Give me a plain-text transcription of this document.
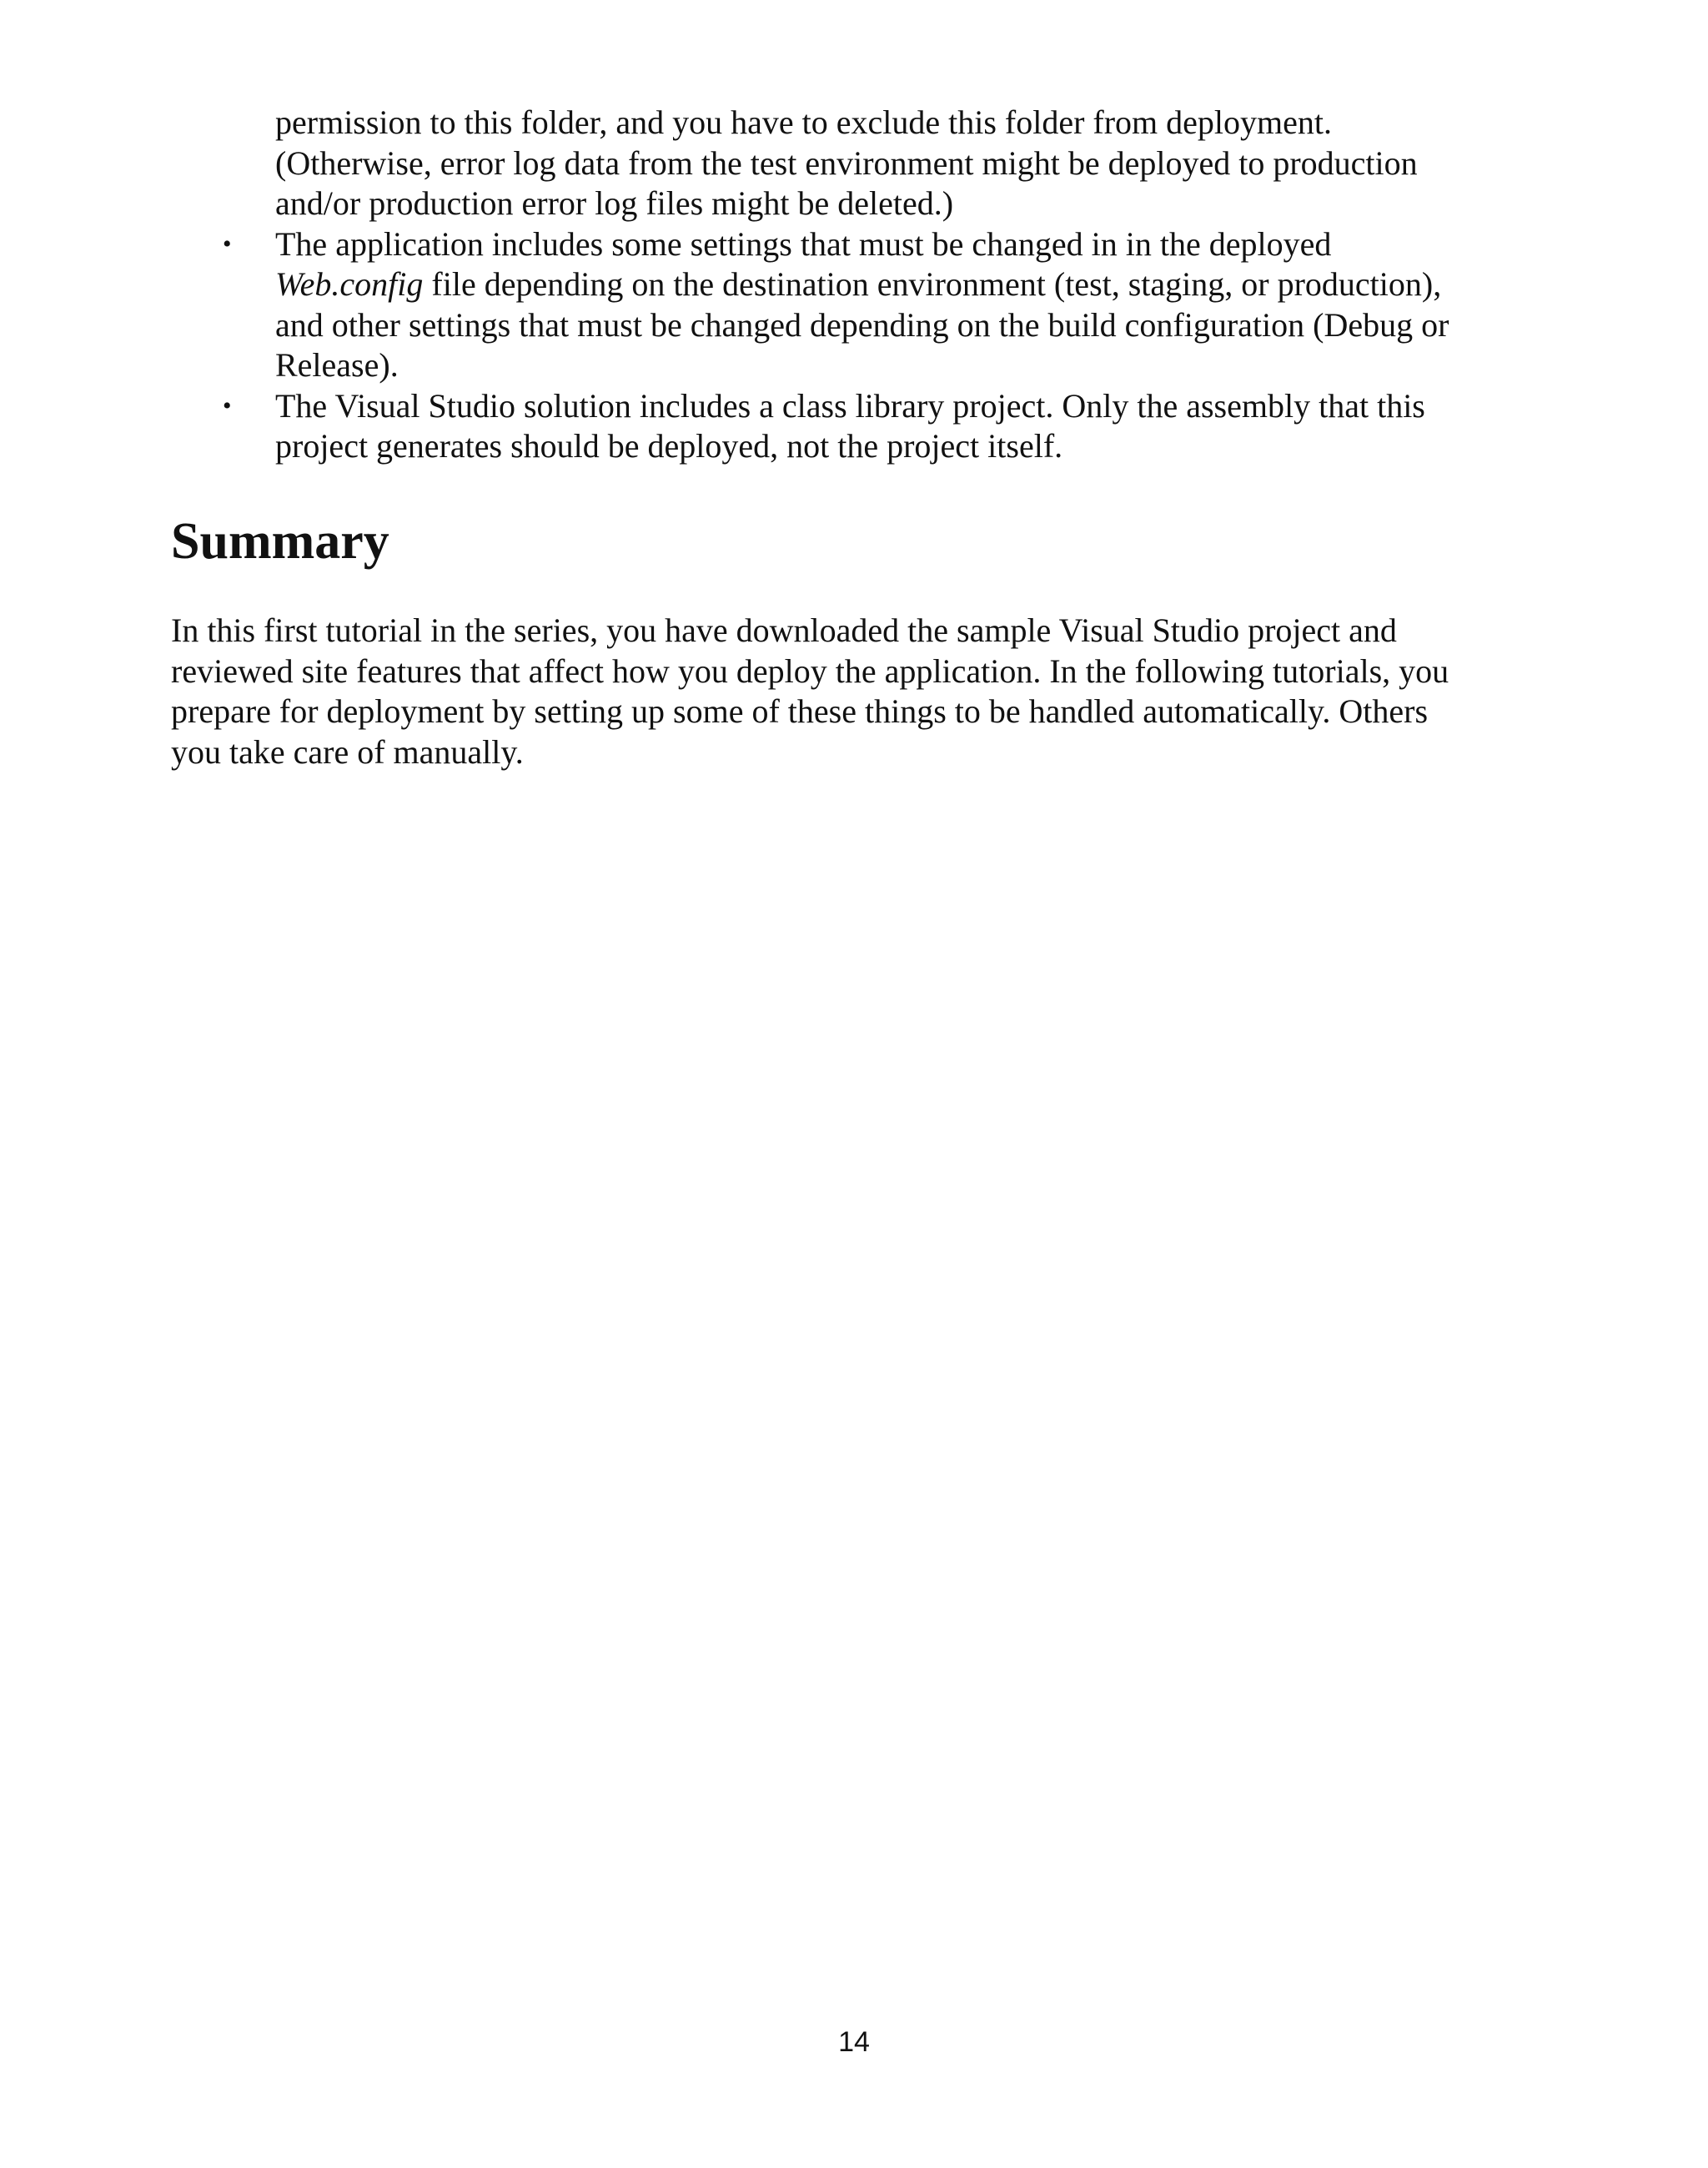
permission to this folder, and you have to exclude this folder from deployment.
(Otherwise, error log data from the test environment might be deployed to production
and/or production error log files might be deleted.)
• The application includes some settings that must be changed in in the deployed
Web.config file depending on the destination environment (test, staging, or production),
and other settings that must be changed depending on the build configuration (Debug or
Release).
• The Visual Studio solution includes a class library project. Only the assembly that this
project generates should be deployed, not the project itself.
Summary

In this first tutorial in the series, you have downloaded the sample Visual Studio project and
reviewed site features that affect how you deploy the application. In the following tutorials, you
prepare for deployment by setting up some of these things to be handled automatically. Others
you take care of manually.

14
